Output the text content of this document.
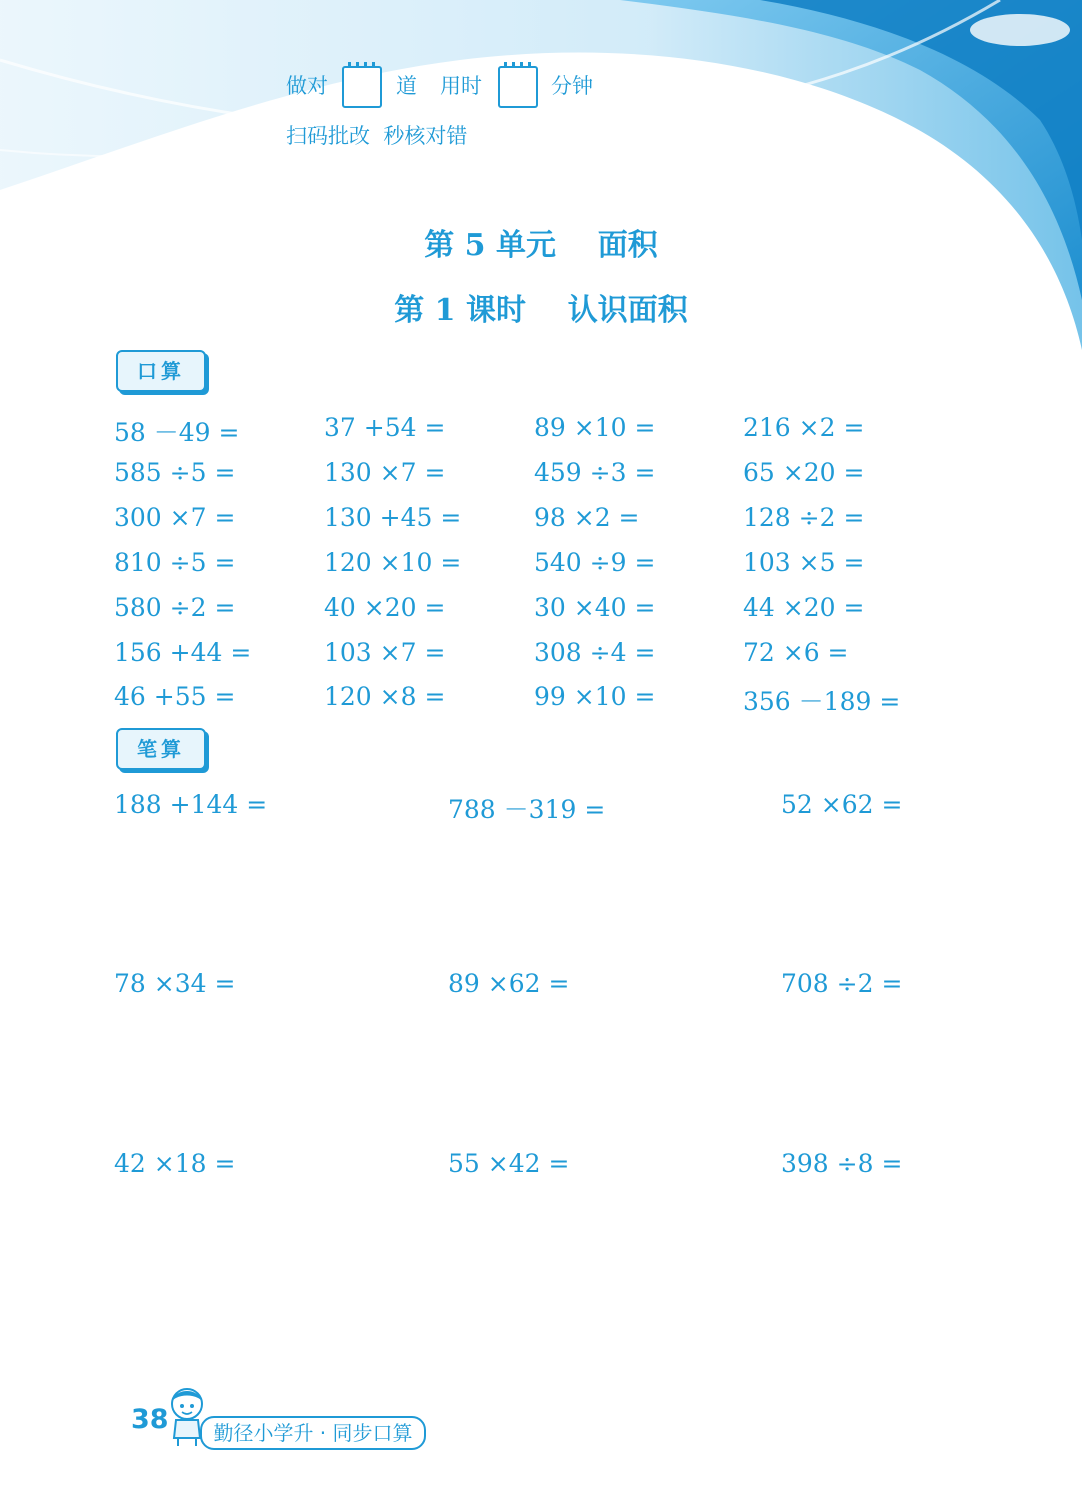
做对	道 用时	分钟
扫码批改  秒核对错
第 5 单元    面积
第 1 课时    认识面积
口算
58 －49 =	37 +54 =	89 ×10 =	216 ×2 =
585 ÷5 =	130 ×7 =	459 ÷3 =	65 ×20 =
300 ×7 =	130 +45 =	98 ×2 =	128 ÷2 =
810 ÷5 =	120 ×10 =	540 ÷9 =	103 ×5 =
580 ÷2 =	40 ×20 =	30 ×40 =	44 ×20 =
156 +44 =	103 ×7 =	308 ÷4 =	72 ×6 =
46 +55 =	120 ×8 =	99 ×10 =	356 －189 =
笔算
188 +144 =	788 －319 =	52 ×62 =
78 ×34 =	89 ×62 =	708 ÷2 =
42 ×18 =	55 ×42 =	398 ÷8 =
38	勤径小学升 · 同步口算
